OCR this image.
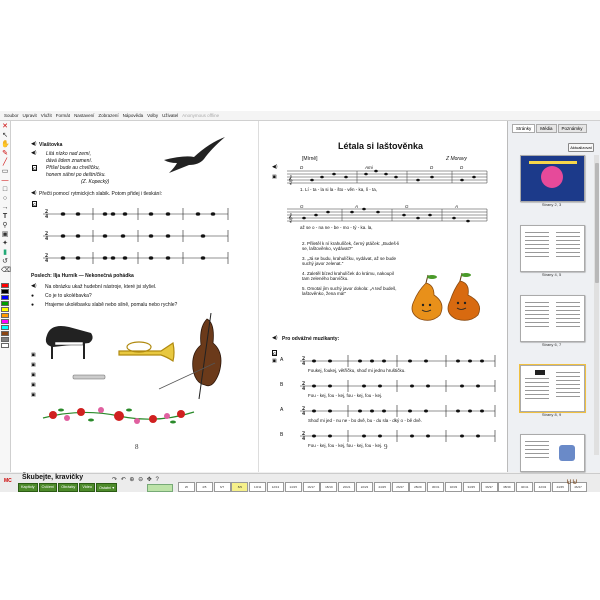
Soubor Upravit Vložit Formát Nastavení Zobrazení Nápověda Volby Uživatel Anonymous offline
✕
↖
✋
✎
╱
▭
—
□
○
→
T
⚲
▣
✦
▮
↺
⌫
◀) Vlaštovka
◀) Lítá nízko nad zemí,
dává lidem znamení.
C Přišel bude au chvilíčku,
honem sáhni po deštníčku.
(Z. Kopecký)
◀) Přečti pomocí rytmických slabik. Potom přidej i tleskání:
C
2
4
2
4
2
4
Poslech: Ilja Hurník — Nekonečná pohádka
◀) Na obrázku ukaž hudební nástroje, které jsi slyšel.
● Co je to ukolébavka?
● Hrajeme ukolébavku slabě nebo silně, pomalu nebo rychle?
▣
▣
▣
▣
▣
8
Létala si laštověnka
[Mírně]	Z Moravy
◀)
▣ 𝄞
𝄞
D	Ami	D	D
1. Lí - ta - la si la - što - věn - ka, lí - ta,
G	A	G	A
až se o - na ne - be - mo - tý - ka. la,
2. Přiletěl k ní krahulíček, černý ptáček: „Budeš-li se, laštověnko, vydávat?"
3. „Já se budu, krahulíčku, vydávat, až se bude suchý javor zelenat."
4. Zaletěl bízed krahulíček do krámu, nakoupil tam zeleného barvíčku.
5. Omotal jím suchý javor dokola: „A teď budeš, laštověnko, žena má!"
◀) Pro odvážné muzikanty:
C
▣	2
4
2
4
2
4
2
4
A
B
A
B
Foukej, foukej, větříčku, shoď mi jednu hruštičku.
Fou - kej, fou - kej, fou - kej, fou - kej.
Shoď mi jed - nu ne - bo dvě, bu - du sla - dký o - bě dvě.
Fou - kej, fou - kej, fou - kej, fou - kej. 9
Stránky	Média	Poznámky
Aktualizovat
Strany 2, 3
Strany 4, 5
Strany 6, 7
Strany 8, 9
MC Škubejte, kravičky
Kapitoly	Cvičení	Obrázky	Video	Ostatní ▾
↷ ↶ ⊕ ⊖ ✥ ?
I/II	4/5	6/7	8/9	10/11	12/13	14/15	16/17	18/19	20/21	22/23	24/25	26/27	28/29	30/31	32/33	34/35	36/37	38/39	40/41	42/43	44/45	46/47
⊌⊌
